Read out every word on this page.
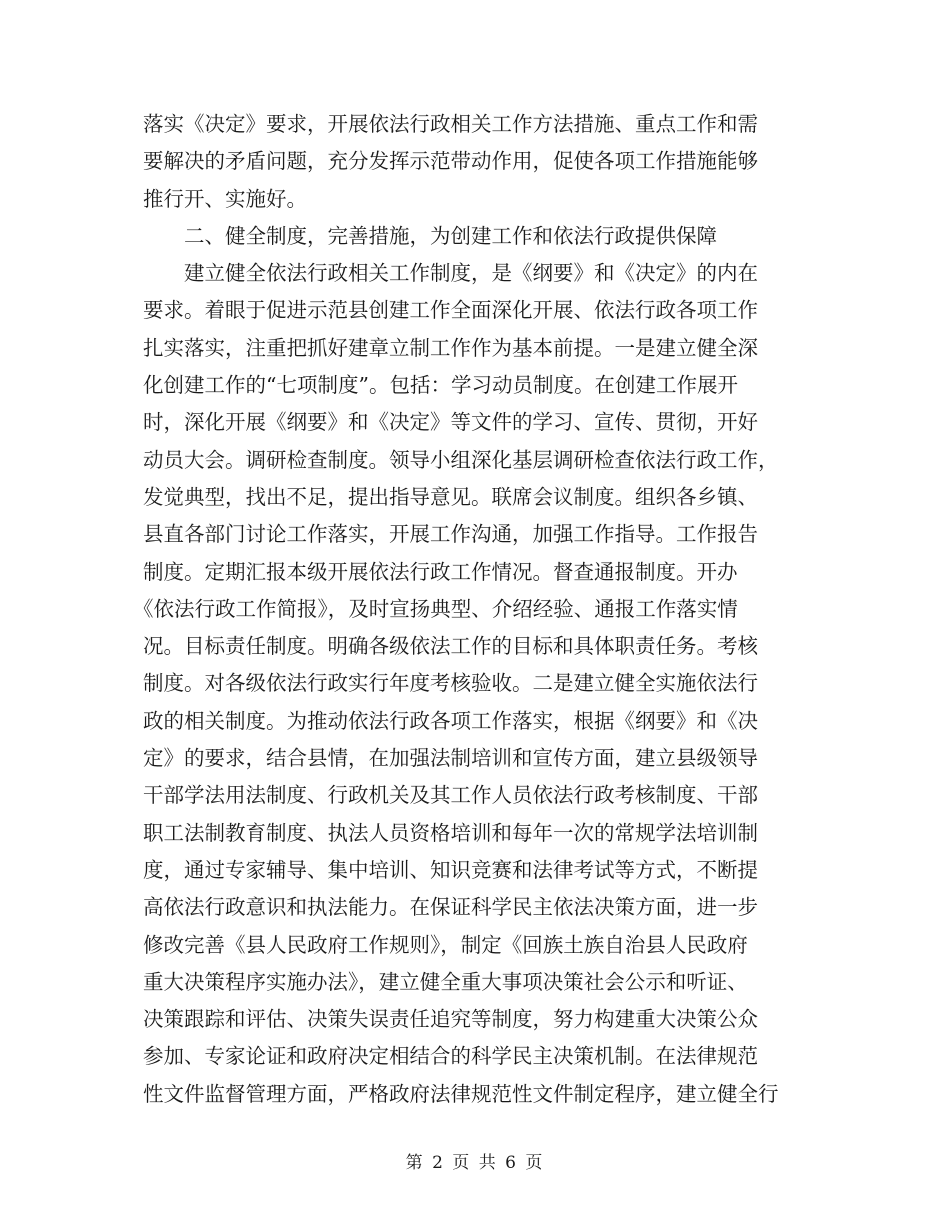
落实《决定》要求，开展依法行政相关工作方法措施、重点工作和需
要解决的矛盾问题，充分发挥示范带动作用，促使各项工作措施能够
推行开、实施好。
二、健全制度，完善措施，为创建工作和依法行政提供保障
建立健全依法行政相关工作制度，是《纲要》和《决定》的内在
要求。着眼于促进示范县创建工作全面深化开展、依法行政各项工作
扎实落实，注重把抓好建章立制工作作为基本前提。一是建立健全深
化创建工作的“七项制度”。包括：学习动员制度。在创建工作展开
时，深化开展《纲要》和《决定》等文件的学习、宣传、贯彻，开好
动员大会。调研检查制度。领导小组深化基层调研检查依法行政工作，
发觉典型，找出不足，提出指导意见。联席会议制度。组织各乡镇、
县直各部门讨论工作落实，开展工作沟通，加强工作指导。工作报告
制度。定期汇报本级开展依法行政工作情况。督查通报制度。开办
《依法行政工作简报》，及时宣扬典型、介绍经验、通报工作落实情
况。目标责任制度。明确各级依法工作的目标和具体职责任务。考核
制度。对各级依法行政实行年度考核验收。二是建立健全实施依法行
政的相关制度。为推动依法行政各项工作落实，根据《纲要》和《决
定》的要求，结合县情，在加强法制培训和宣传方面，建立县级领导
干部学法用法制度、行政机关及其工作人员依法行政考核制度、干部
职工法制教育制度、执法人员资格培训和每年一次的常规学法培训制
度，通过专家辅导、集中培训、知识竞赛和法律考试等方式，不断提
高依法行政意识和执法能力。在保证科学民主依法决策方面，进一步
修改完善《县人民政府工作规则》，制定《回族土族自治县人民政府
重大决策程序实施办法》，建立健全重大事项决策社会公示和听证、
决策跟踪和评估、决策失误责任追究等制度，努力构建重大决策公众
参加、专家论证和政府决定相结合的科学民主决策机制。在法律规范
性文件监督管理方面，严格政府法律规范性文件制定程序，建立健全行
第 2 页 共 6 页
